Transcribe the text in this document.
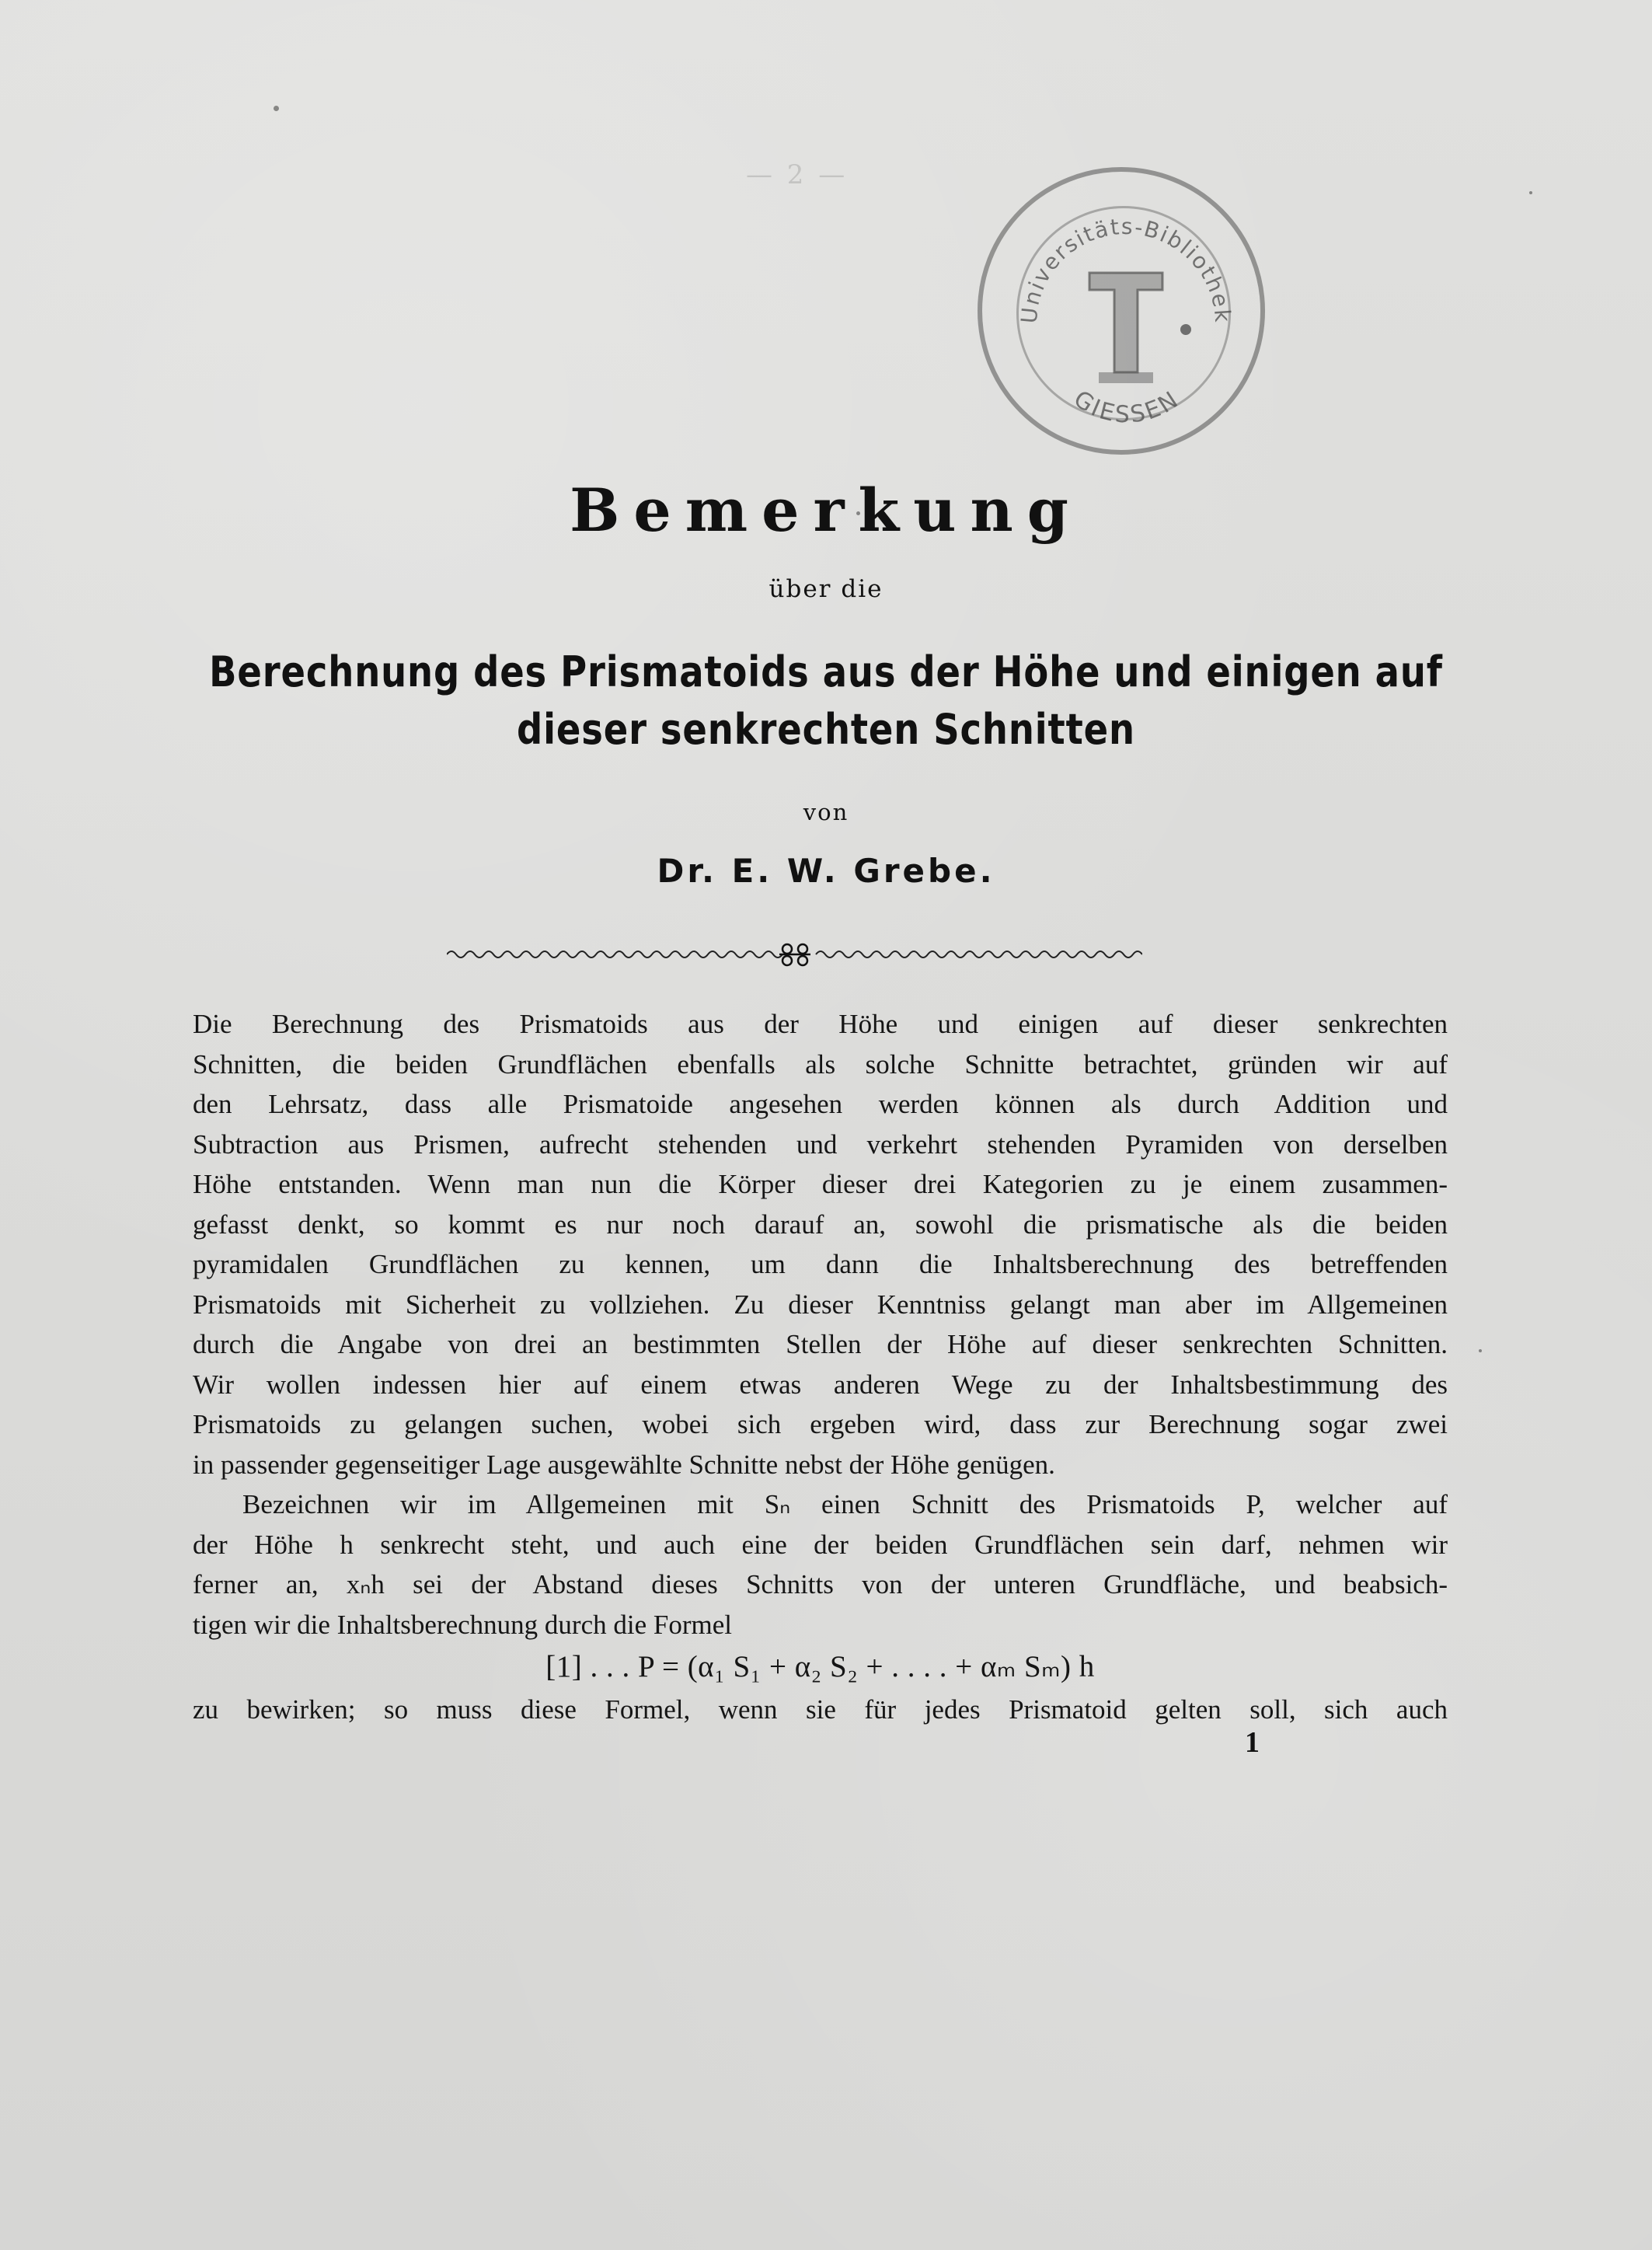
— 2 —
Universitäts-Bibliothek
GIESSEN
Bemerkung
über die
Berechnung des Prismatoids aus der Höhe und einigen auf
dieser senkrechten Schnitten
von
Dr. E. W. Grebe.
Die Berechnung des Prismatoids aus der Höhe und einigen auf dieser senkrechten
Schnitten, die beiden Grundflächen ebenfalls als solche Schnitte betrachtet, gründen wir auf
den Lehrsatz, dass alle Prismatoide angesehen werden können als durch Addition und
Subtraction aus Prismen, aufrecht stehenden und verkehrt stehenden Pyramiden von derselben
Höhe entstanden. Wenn man nun die Körper dieser drei Kategorien zu je einem zusammen-
gefasst denkt, so kommt es nur noch darauf an, sowohl die prismatische als die beiden
pyramidalen Grundflächen zu kennen, um dann die Inhaltsberechnung des betreffenden
Prismatoids mit Sicherheit zu vollziehen. Zu dieser Kenntniss gelangt man aber im Allgemeinen
durch die Angabe von drei an bestimmten Stellen der Höhe auf dieser senkrechten Schnitten.
Wir wollen indessen hier auf einem etwas anderen Wege zu der Inhaltsbestimmung des
Prismatoids zu gelangen suchen, wobei sich ergeben wird, dass zur Berechnung sogar zwei
in passender gegenseitiger Lage ausgewählte Schnitte nebst der Höhe genügen.
Bezeichnen wir im Allgemeinen mit Sₙ einen Schnitt des Prismatoids P, welcher auf
der Höhe h senkrecht steht, und auch eine der beiden Grundflächen sein darf, nehmen wir
ferner an, xₙh sei der Abstand dieses Schnitts von der unteren Grundfläche, und beabsich-
tigen wir die Inhaltsberechnung durch die Formel
[1] . . . P = (α₁ S₁ + α₂ S₂ + . . . . + αₘ Sₘ) h
zu bewirken; so muss diese Formel, wenn sie für jedes Prismatoid gelten soll, sich auch
1
